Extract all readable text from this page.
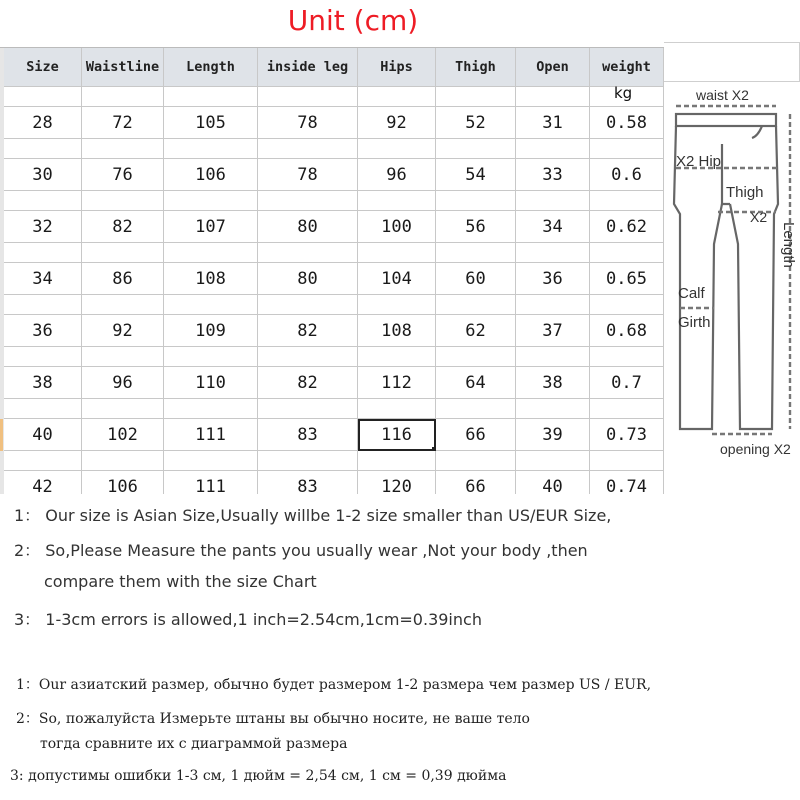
Unit (cm)
Size	Waistline	Length	inside leg	Hips	Thigh	Open	weight
28	72	105	78	92	52	31	0.58
30	76	106	78	96	54	33	0.6
32	82	107	80	100	56	34	0.62
34	86	108	80	104	60	36	0.65
36	92	109	82	108	62	37	0.68
38	96	110	82	112	64	38	0.7
40	102	111	83	116	66	39	0.73
42	106	111	83	120	66	40	0.74
kg	waist X2
X2 Hip
Thigh
X2
Length
Calf
Girth
opening X2
1： Our size is Asian Size,Usually willbe 1-2 size smaller than US/EUR Size,
2： So,Please Measure the pants you usually wear ,Not your body ,then
compare them with the size Chart
3： 1-3cm errors is allowed,1 inch=2.54cm,1cm=0.39inch
1：Our азиатский размер, обычно будет размером 1-2 размера чем размер US / EUR,
2：So, пожалуйста Измерьте штаны вы обычно носите, не ваше тело
тогда сравните их с диаграммой размера
3: допустимы ошибки 1-3 см, 1 дюйм = 2,54 см, 1 см = 0,39 дюйма
